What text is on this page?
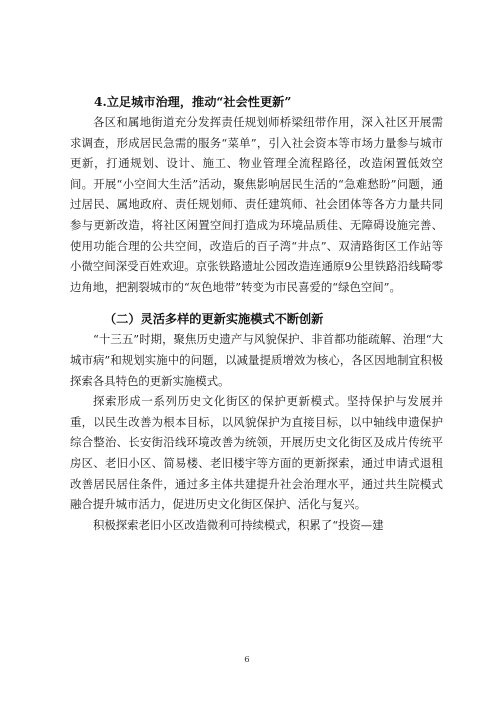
4.立足城市治理，推动“社会性更新”

各区和属地街道充分发挥责任规划师桥梁纽带作用，深入社区开展需求调查，形成居民急需的服务“菜单”，引入社会资本等市场力量参与城市更新，打通规划、设计、施工、物业管理全流程路径，改造闲置低效空间。开展“小空间大生活”活动，聚焦影响居民生活的“急难愁盼”问题，通过居民、属地政府、责任规划师、责任建筑师、社会团体等各方力量共同参与更新改造，将社区闲置空间打造成为环境品质佳、无障碍设施完善、使用功能合理的公共空间，改造后的百子湾“井点”、双清路街区工作站等小微空间深受百姓欢迎。京张铁路遗址公园改造连通原9公里铁路沿线畸零边角地，把割裂城市的“灰色地带”转变为市民喜爱的“绿色空间”。

（二）灵活多样的更新实施模式不断创新

“十三五”时期，聚焦历史遗产与风貌保护、非首都功能疏解、治理“大城市病”和规划实施中的问题，以减量提质增效为核心，各区因地制宜积极探索各具特色的更新实施模式。

探索形成一系列历史文化街区的保护更新模式。坚持保护与发展并重，以民生改善为根本目标，以风貌保护为直接目标，以中轴线申遗保护综合整治、长安街沿线环境改善为统领，开展历史文化街区及成片传统平房区、老旧小区、简易楼、老旧楼宇等方面的更新探索，通过申请式退租改善居民居住条件，通过多主体共建提升社会治理水平，通过共生院模式融合提升城市活力，促进历史文化街区保护、活化与复兴。

积极探索老旧小区改造微利可持续模式，积累了“投资—建

6
